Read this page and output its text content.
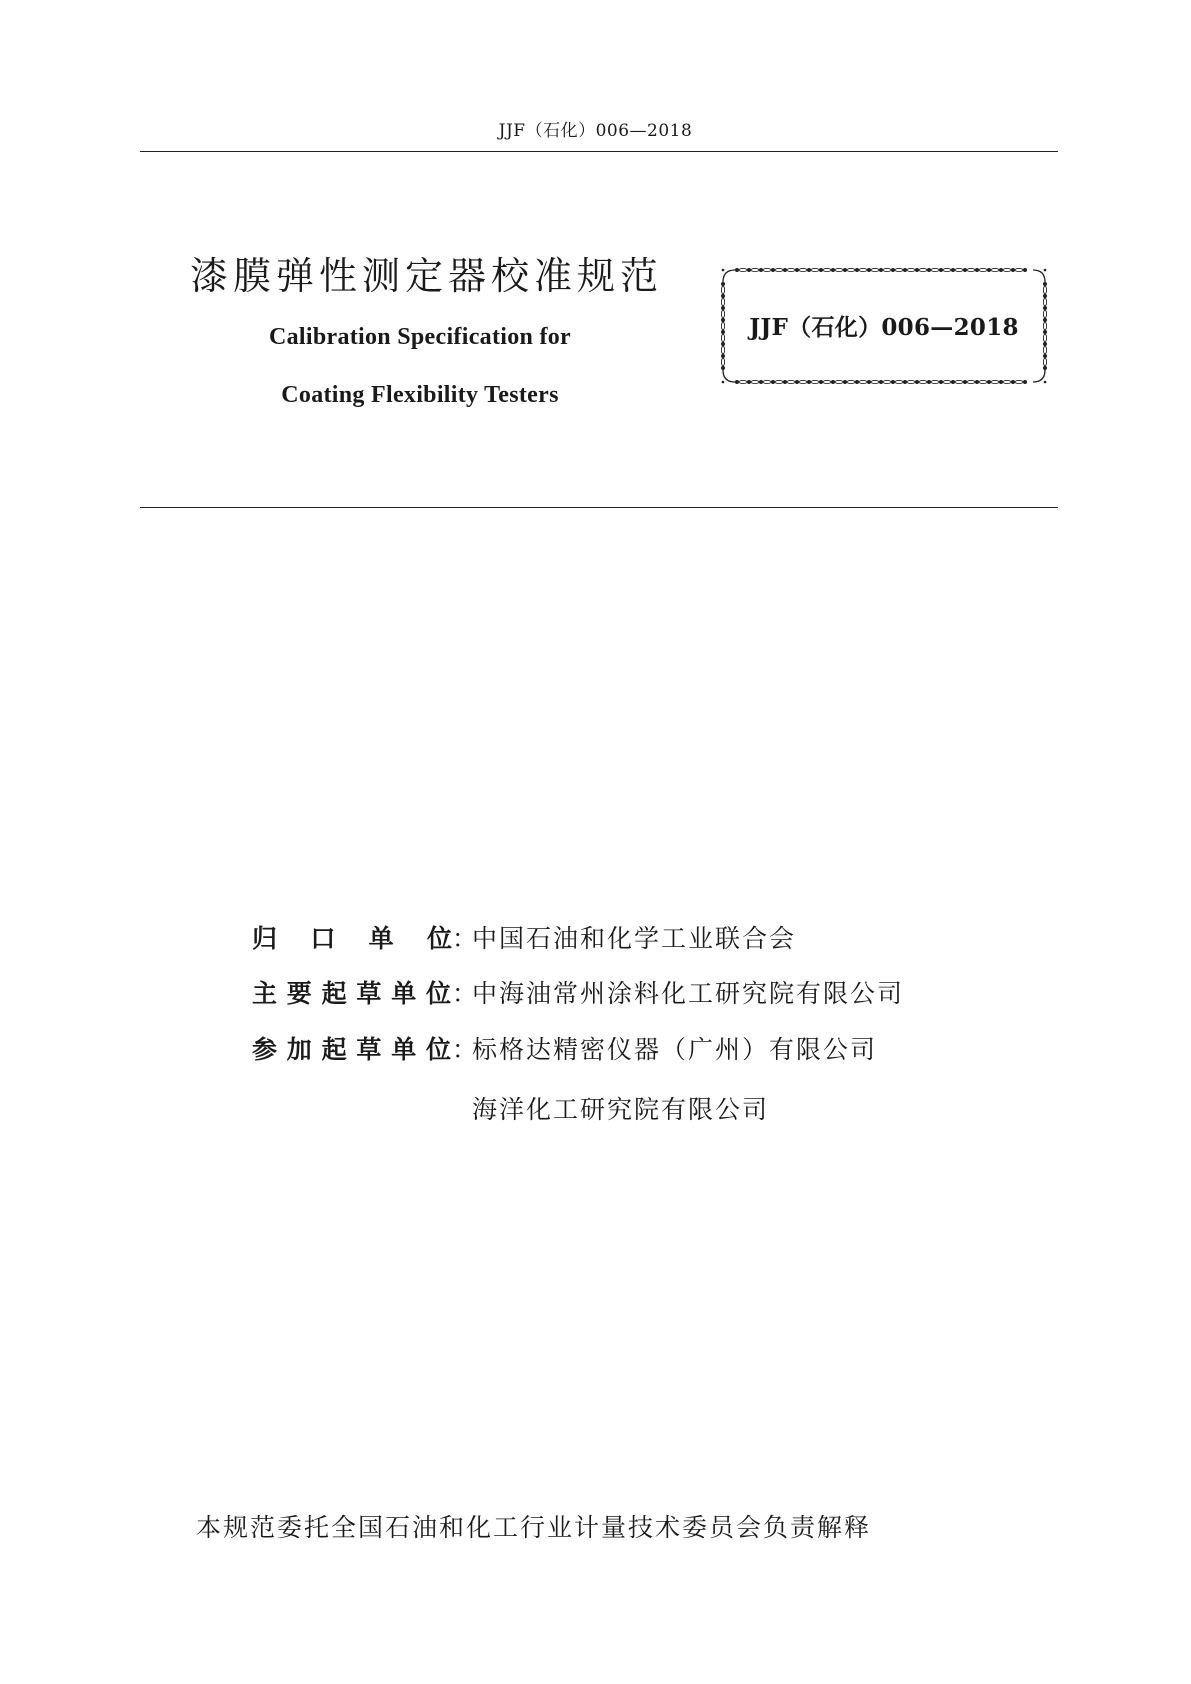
JJF（石化）006—2018
漆膜弹性测定器校准规范
Calibration Specification for
Coating Flexibility Testers
JJF（石化）006—2018
归口单位：中国石油和化学工业联合会
主要起草单位：中海油常州涂料化工研究院有限公司
参加起草单位：标格达精密仪器（广州）有限公司
海洋化工研究院有限公司
本规范委托全国石油和化工行业计量技术委员会负责解释
